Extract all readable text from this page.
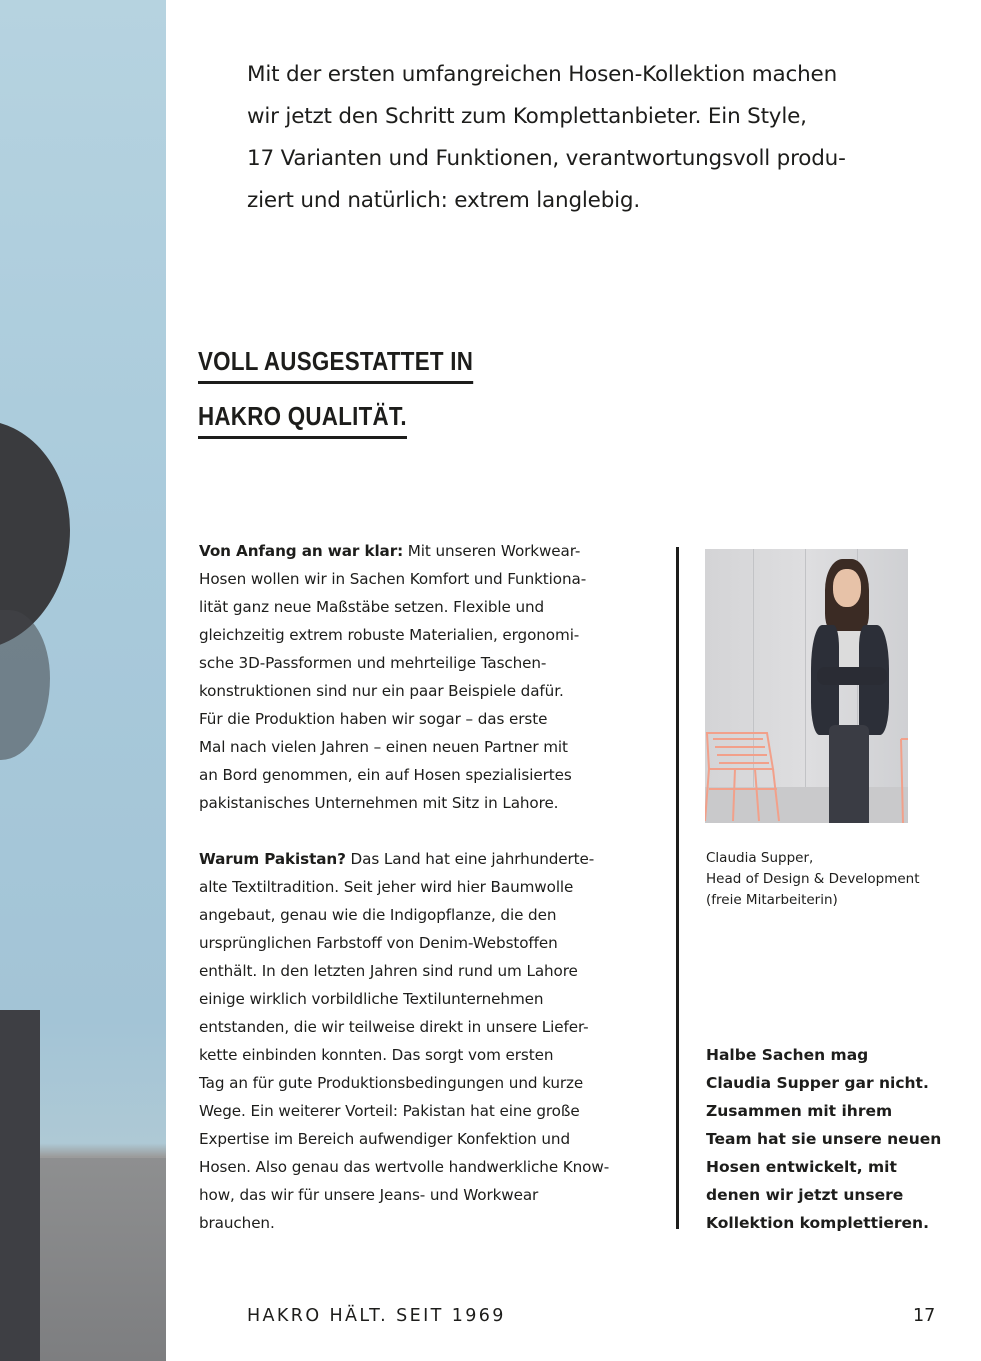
Mit der ersten umfangreichen Hosen-Kollektion machen
wir jetzt den Schritt zum Komplettanbieter. Ein Style,
17 Varianten und Funktionen, verantwortungsvoll produ-
ziert und natürlich: extrem langlebig.
VOLL AUSGESTATTET IN
HAKRO QUALITÄT.

Von Anfang an war klar: Mit unseren Workwear-
Hosen wollen wir in Sachen Komfort und Funktiona-
lität ganz neue Maßstäbe setzen. Flexible und
gleichzeitig extrem robuste Materialien, ergonomi-
sche 3D-Passformen und mehrteilige Taschen-
konstruktionen sind nur ein paar Beispiele dafür.
Für die Produktion haben wir sogar – das erste
Mal nach vielen Jahren – einen neuen Partner mit
an Bord genommen, ein auf Hosen spezialisiertes
pakistanisches Unternehmen mit Sitz in Lahore.

Warum Pakistan? Das Land hat eine jahrhunderte-
alte Textiltradition. Seit jeher wird hier Baumwolle
angebaut, genau wie die Indigopflanze, die den
ursprünglichen Farbstoff von Denim-Webstoffen
enthält. In den letzten Jahren sind rund um Lahore
einige wirklich vorbildliche Textilunternehmen
entstanden, die wir teilweise direkt in unsere Liefer-
kette einbinden konnten. Das sorgt vom ersten
Tag an für gute Produktionsbedingungen und kurze
Wege. Ein weiterer Vorteil: Pakistan hat eine große
Expertise im Bereich aufwendiger Konfektion und
Hosen. Also genau das wertvolle handwerkliche Know-
how, das wir für unsere Jeans- und Workwear
brauchen.

Claudia Supper,
Head of Design & Development
(freie Mitarbeiterin)
Halbe Sachen mag
Claudia Supper gar nicht.
Zusammen mit ihrem
Team hat sie unsere neuen
Hosen entwickelt, mit
denen wir jetzt unsere
Kollektion komplettieren.
HAKRO HÄLT. SEIT 1969	17
